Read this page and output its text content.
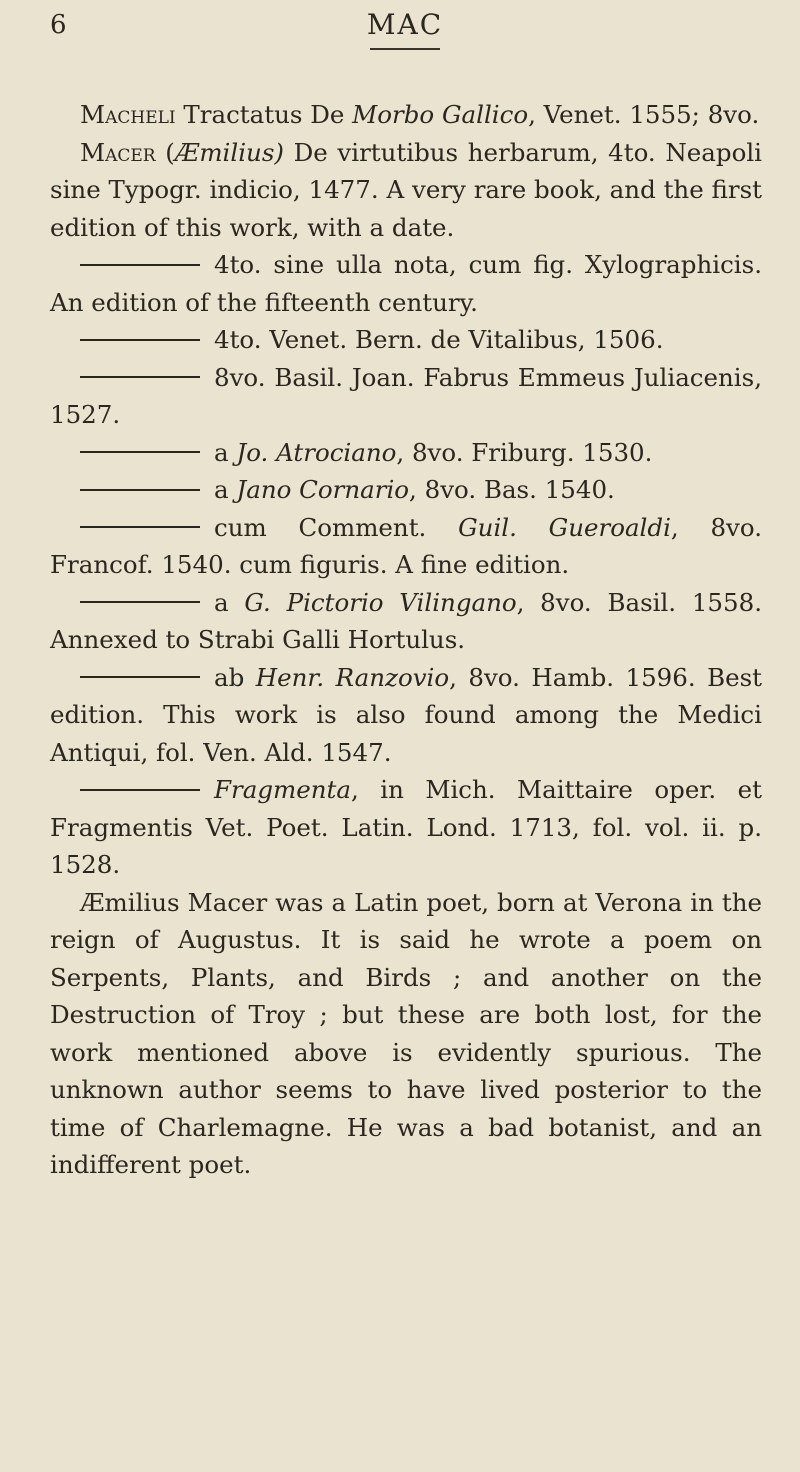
6	MAC

Macheli Tractatus De Morbo Gallico, Venet. 1555; 8vo.

Macer (Æmilius) De virtutibus herbarum, 4to. Neapoli sine Typogr. indicio, 1477. A very rare book, and the first edition of this work, with a date.

4to. sine ulla nota, cum fig. Xylographicis. An edition of the fifteenth century.

4to. Venet. Bern. de Vitalibus, 1506.

8vo. Basil. Joan. Fabrus Emmeus Juliacenis, 1527.

a Jo. Atrociano, 8vo. Friburg. 1530.

a Jano Cornario, 8vo. Bas. 1540.

cum Comment. Guil. Gueroaldi, 8vo. Francof. 1540. cum figuris. A fine edition.

a G. Pictorio Vilingano, 8vo. Basil. 1558. Annexed to Strabi Galli Hortulus.

ab Henr. Ranzovio, 8vo. Hamb. 1596. Best edition. This work is also found among the Medici Antiqui, fol. Ven. Ald. 1547.

Fragmenta, in Mich. Maittaire oper. et Fragmentis Vet. Poet. Latin. Lond. 1713, fol. vol. ii. p. 1528.

Æmilius Macer was a Latin poet, born at Verona in the reign of Augustus. It is said he wrote a poem on Serpents, Plants, and Birds ; and another on the Destruction of Troy ; but these are both lost, for the work mentioned above is evidently spurious. The unknown author seems to have lived posterior to the time of Charlemagne. He was a bad botanist, and an indifferent poet.
